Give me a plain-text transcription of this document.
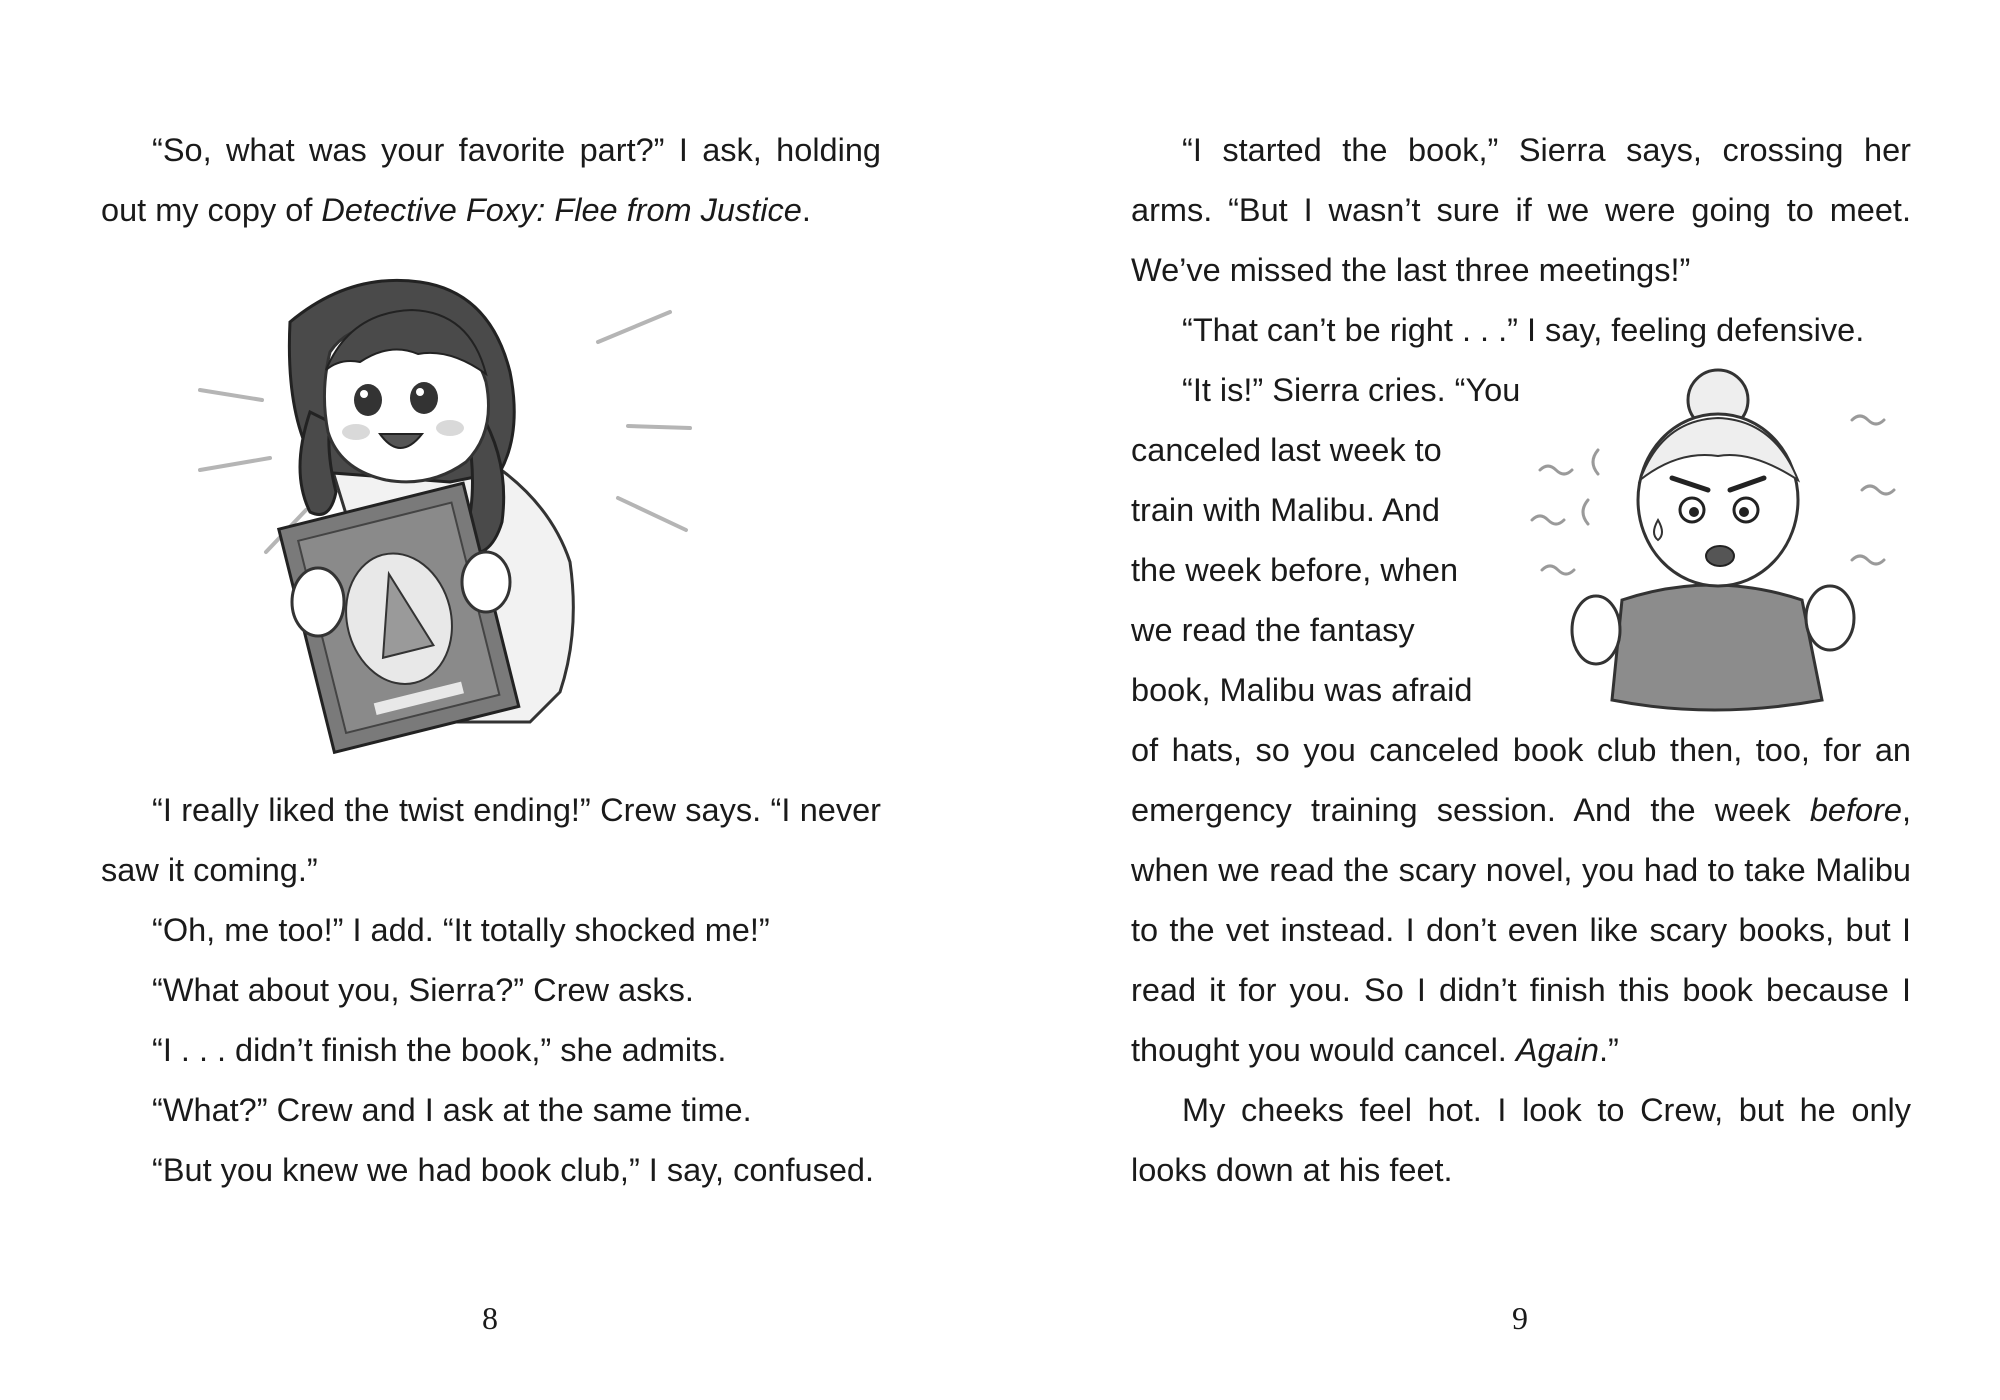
“So, what was your favorite part?” I ask, holding out my copy of Detective Foxy: Flee from Justice.

“I really liked the twist ending!” Crew says. “I never saw it coming.”

“Oh, me too!” I add. “It totally shocked me!”

“What about you, Sierra?” Crew asks.

“I . . . didn’t finish the book,” she admits.

“What?” Crew and I ask at the same time.

“But you knew we had book club,” I say, confused.

8

“I started the book,” Sierra says, crossing her arms. “But I wasn’t sure if we were going to meet. We’ve missed the last three meetings!”

“That can’t be right . . .” I say, feeling defensive.

“It is!” Sierra cries. “You

canceled last week to

train with Malibu. And

the week before, when

we read the fantasy

book, Malibu was afraid

of hats, so you canceled book club then, too, for an emergency training session. And the week before, when we read the scary novel, you had to take Malibu to the vet instead. I don’t even like scary books, but I read it for you. So I didn’t finish this book because I thought you would cancel. Again.”

My cheeks feel hot. I look to Crew, but he only looks down at his feet.

9
